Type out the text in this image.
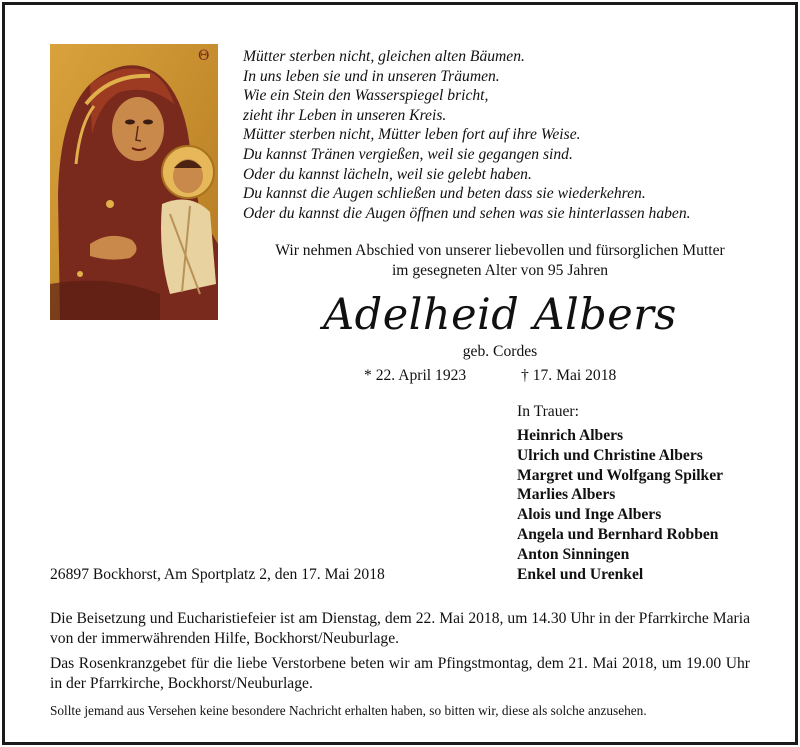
Θ Mütter sterben nicht, gleichen alten Bäumen.
In uns leben sie und in unseren Träumen.
Wie ein Stein den Wasserspiegel bricht,
zieht ihr Leben in unseren Kreis.
Mütter sterben nicht, Mütter leben fort auf ihre Weise.
Du kannst Tränen vergießen, weil sie gegangen sind.
Oder du kannst lächeln, weil sie gelebt haben.
Du kannst die Augen schließen und beten dass sie wiederkehren.
Oder du kannst die Augen öffnen und sehen was sie hinterlassen haben.
Wir nehmen Abschied von unserer liebevollen und fürsorglichen Mutter
im gesegneten Alter von 95 Jahren
Adelheid Albers
geb. Cordes
* 22. April 1923	† 17. Mai 2018
In Trauer:
Heinrich Albers
Ulrich und Christine Albers
Margret und Wolfgang Spilker
Marlies Albers
Alois und Inge Albers
Angela und Bernhard Robben
Anton Sinningen
Enkel und Urenkel
26897 Bockhorst, Am Sportplatz 2, den 17. Mai 2018
Die Beisetzung und Eucharistiefeier ist am Dienstag, dem 22. Mai 2018, um 14.30 Uhr in der Pfarrkirche Maria von der immerwährenden Hilfe, Bockhorst/Neuburlage.
Das Rosenkranzgebet für die liebe Verstorbene beten wir am Pfingstmontag, dem 21. Mai 2018, um 19.00 Uhr in der Pfarrkirche, Bockhorst/Neuburlage.
Sollte jemand aus Versehen keine besondere Nachricht erhalten haben, so bitten wir, diese als solche anzusehen.
